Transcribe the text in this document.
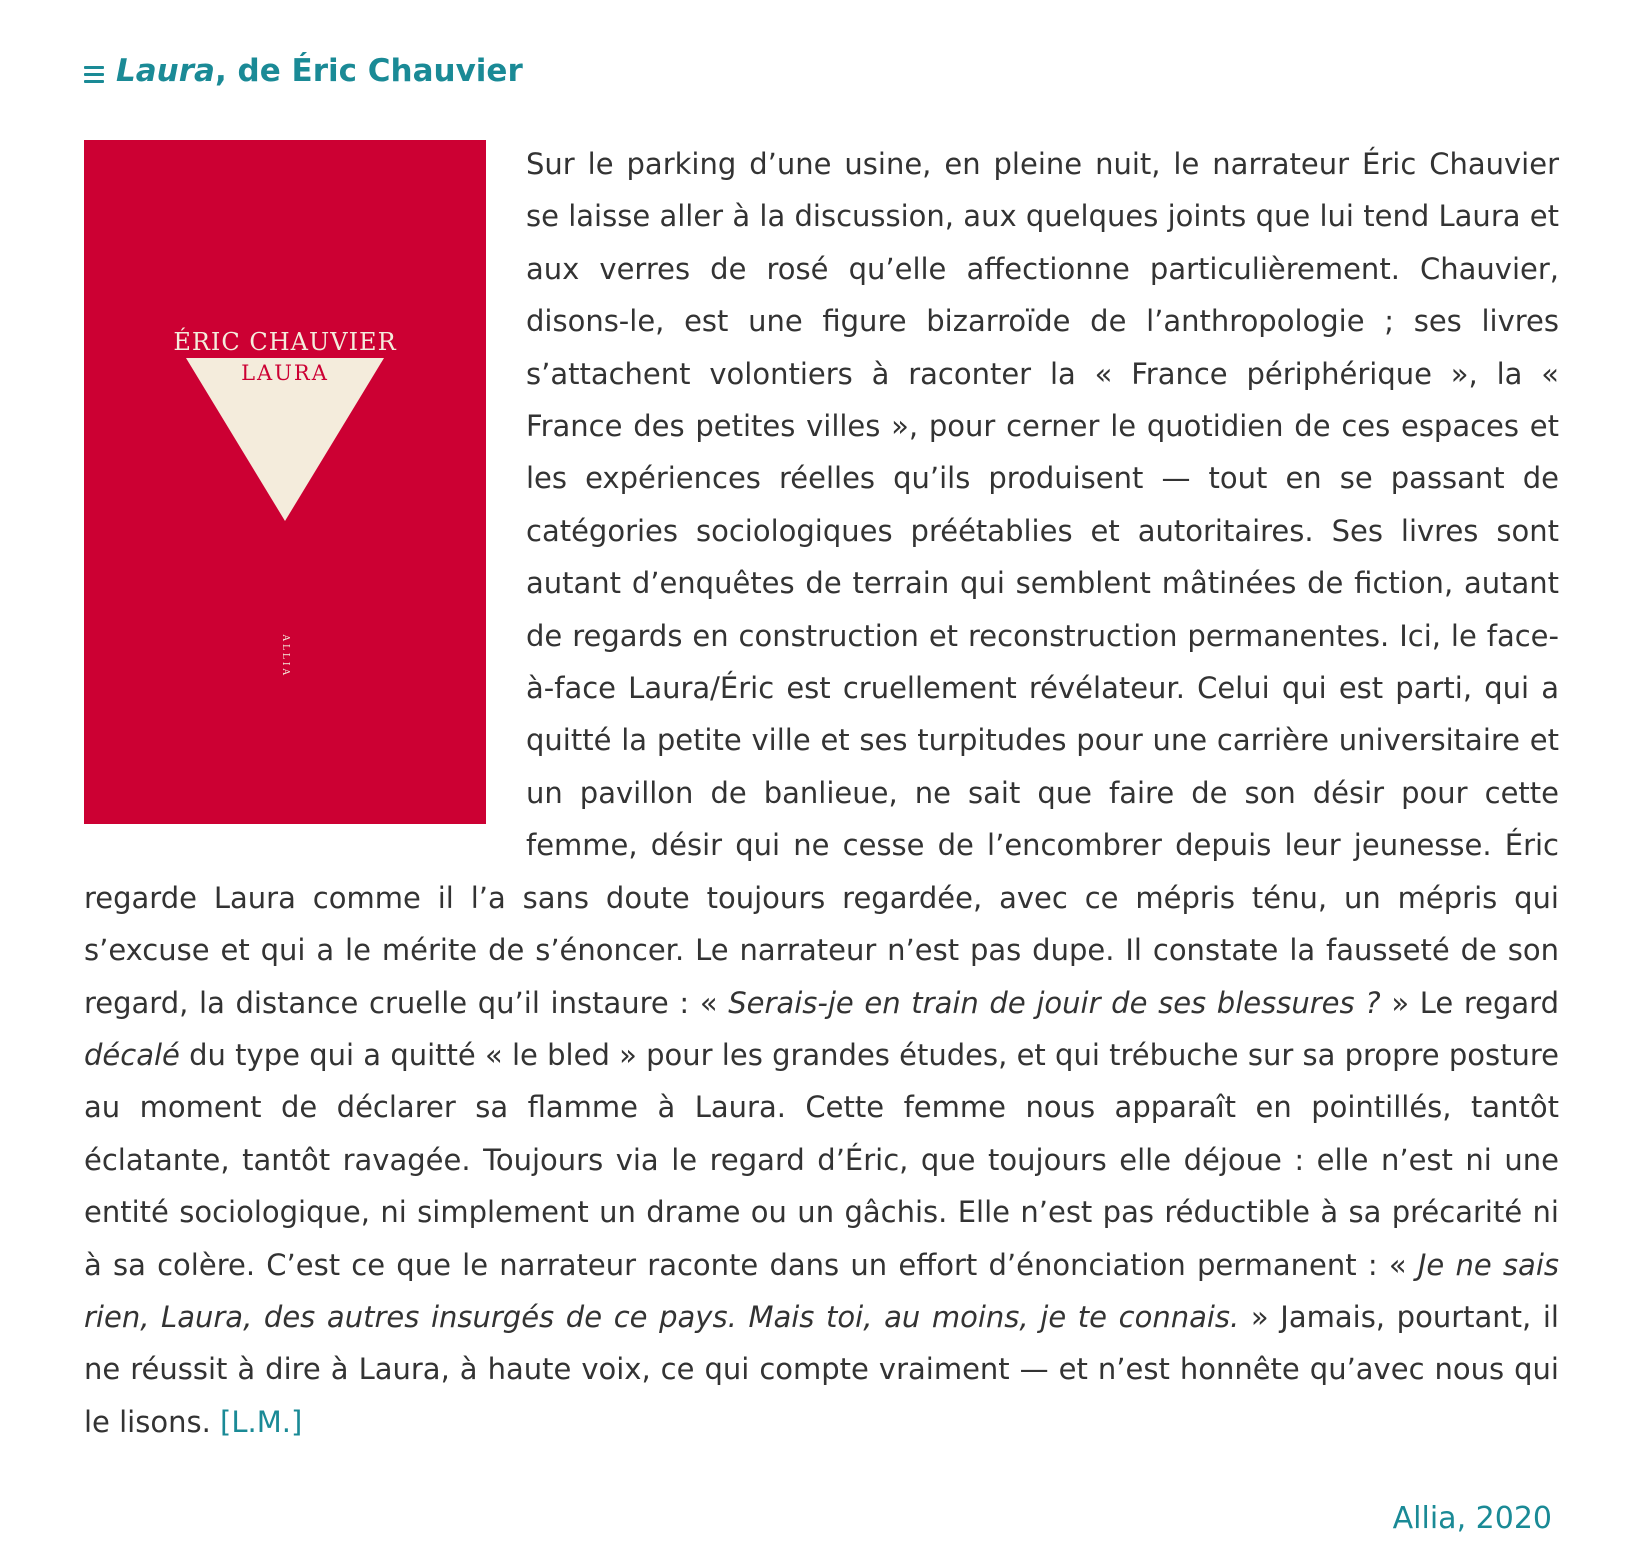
Laura, de Éric Chauvier
ÉRIC CHAUVIER
LAURA
ALLIA

Sur le parking d’une usine, en pleine nuit, le narrateur Éric Chauvier se laisse aller à la discussion, aux quelques joints que lui tend Laura et aux verres de rosé qu’elle affectionne particulièrement. Chauvier, disons-le, est une figure bizarroïde de l’anthropologie ; ses livres s’attachent volontiers à raconter la « France périphérique », la « France des petites villes », pour cerner le quotidien de ces espaces et les expériences réelles qu’ils produisent — tout en se passant de catégories sociologiques préétablies et autoritaires. Ses livres sont autant d’enquêtes de terrain qui semblent mâtinées de fiction, autant de regards en construction et reconstruction permanentes. Ici, le face-à-face Laura/Éric est cruellement révélateur. Celui qui est parti, qui a quitté la petite ville et ses turpitudes pour une carrière universitaire et un pavillon de banlieue, ne sait que faire de son désir pour cette femme, désir qui ne cesse de l’encombrer depuis leur jeunesse. Éric regarde Laura comme il l’a sans doute toujours regardée, avec ce mépris ténu, un mépris qui s’excuse et qui a le mérite de s’énoncer. Le narrateur n’est pas dupe. Il constate la fausseté de son regard, la distance cruelle qu’il instaure : « Serais-je en train de jouir de ses blessures ? » Le regard décalé du type qui a quitté « le bled » pour les grandes études, et qui trébuche sur sa propre posture au moment de déclarer sa flamme à Laura. Cette femme nous apparaît en pointillés, tantôt éclatante, tantôt ravagée. Toujours via le regard d’Éric, que toujours elle déjoue : elle n’est ni une entité sociologique, ni simplement un drame ou un gâchis. Elle n’est pas réductible à sa précarité ni à sa colère. C’est ce que le narrateur raconte dans un effort d’énonciation permanent : « Je ne sais rien, Laura, des autres insurgés de ce pays. Mais toi, au moins, je te connais. » Jamais, pourtant, il ne réussit à dire à Laura, à haute voix, ce qui compte vraiment — et n’est honnête qu’avec nous qui le lisons. [L.M.]

Allia, 2020
